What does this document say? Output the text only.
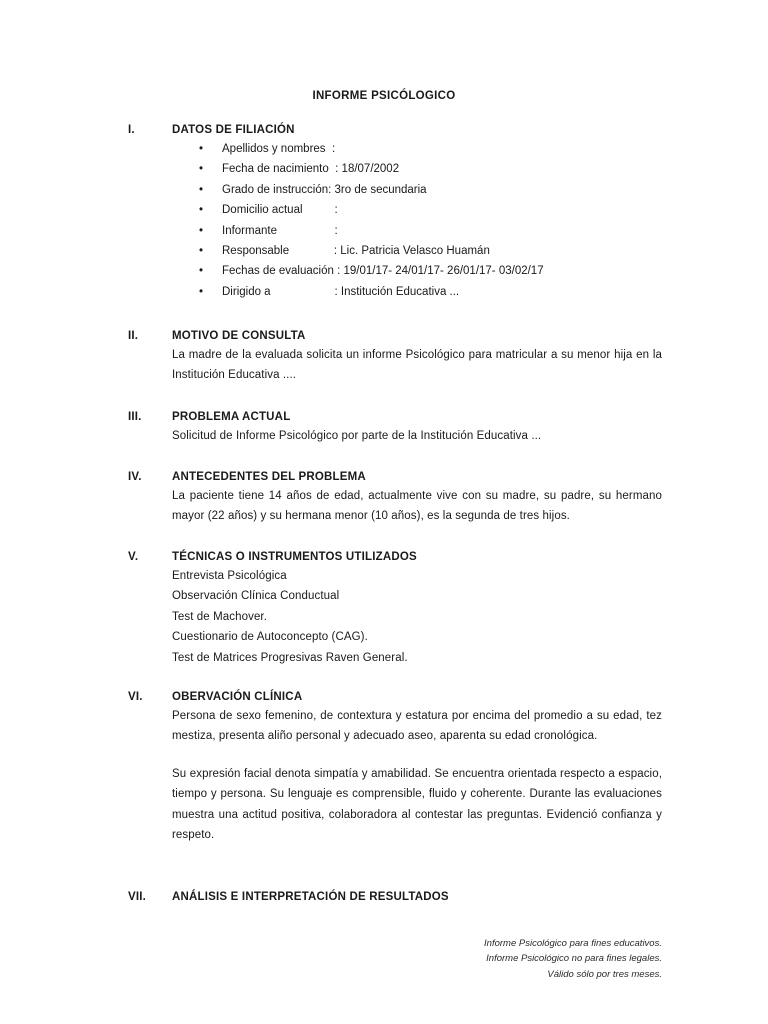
INFORME PSICÓLOGICO
I.	DATOS DE FILIACIÓN
• Apellidos y nombres  :
• Fecha de nacimiento  : 18/07/2002
• Grado de instrucción: 3ro de secundaria
• Domicilio actual          :
• Informante                  :
• Responsable              : Lic. Patricia Velasco Huamán
• Fechas de evaluación : 19/01/17- 24/01/17- 26/01/17- 03/02/17
• Dirigido a                    : Institución Educativa ...
II.	MOTIVO DE CONSULTA

La madre de la evaluada solicita un informe Psicológico para matricular a su menor hija en la Institución Educativa ....

III.	PROBLEMA ACTUAL

Solicitud de Informe Psicológico por parte de la Institución Educativa ...

IV.	ANTECEDENTES DEL PROBLEMA

La paciente tiene 14 años de edad, actualmente vive con su madre, su padre, su hermano mayor (22 años) y su hermana menor (10 años), es la segunda de tres hijos.

V.	TÉCNICAS O INSTRUMENTOS UTILIZADOS
Entrevista Psicológica
Observación Clínica Conductual
Test de Machover.
Cuestionario de Autoconcepto (CAG).
Test de Matrices Progresivas Raven General.
VI.	OBERVACIÓN CLÍNICA

Persona de sexo femenino, de contextura y estatura por encima del promedio a su edad, tez mestiza, presenta aliño personal y adecuado aseo, aparenta su edad cronológica.

Su expresión facial denota simpatía y amabilidad. Se encuentra orientada respecto a espacio, tiempo y persona. Su lenguaje es comprensible, fluido y coherente. Durante las evaluaciones muestra una actitud positiva, colaboradora al contestar las preguntas. Evidenció confianza y respeto.

VII.	ANÁLISIS E INTERPRETACIÓN DE RESULTADOS
Informe Psicológico para fines educativos.
Informe Psicológico no para fines legales.
Válido sólo por tres meses.
